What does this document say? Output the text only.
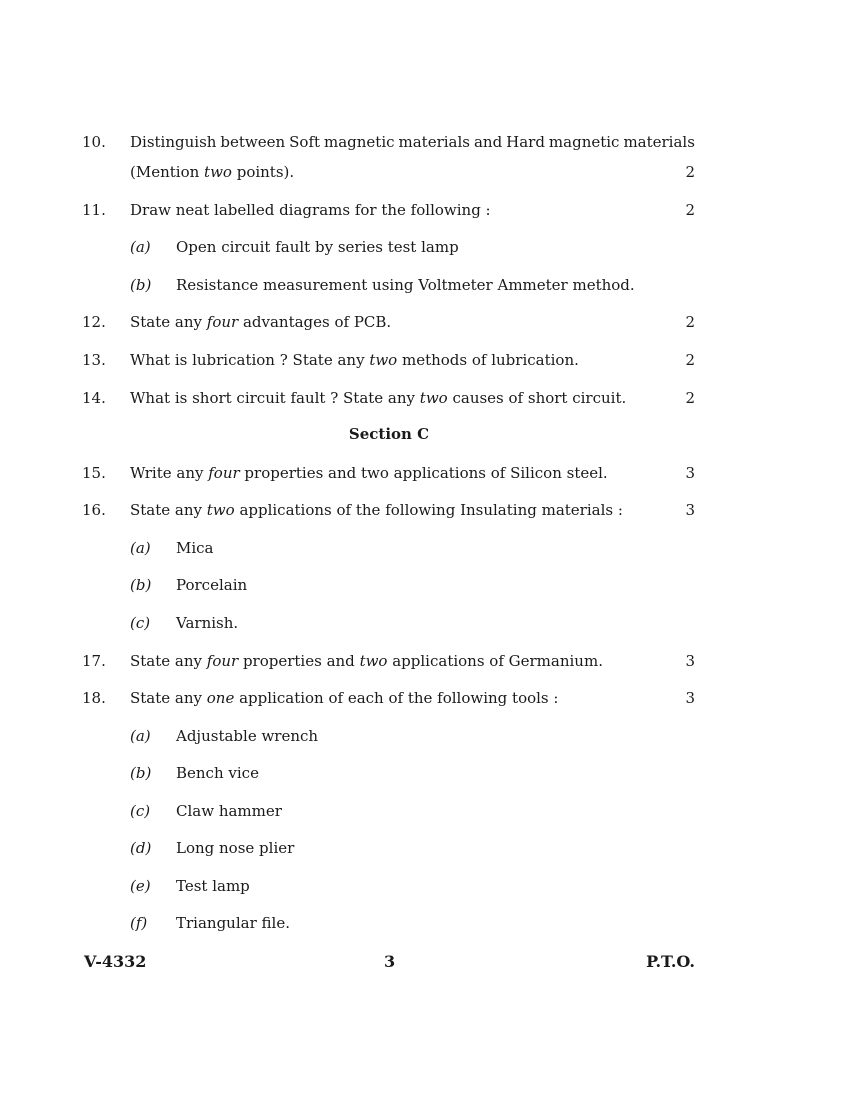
10. Distinguish between Soft magnetic materials and Hard magnetic materials
(Mention two points).	2
11. Draw neat labelled diagrams for the following :	2
(a) Open circuit fault by series test lamp
(b) Resistance measurement using Voltmeter Ammeter method.
12. State any four advantages of PCB.	2
13. What is lubrication ? State any two methods of lubrication.	2
14. What is short circuit fault ? State any two causes of short circuit.	2
Section C
15. Write any four properties and two applications of Silicon steel.	3
16. State any two applications of the following Insulating materials :	3
(a) Mica
(b) Porcelain
(c) Varnish.
17. State any four properties and two applications of Germanium.	3
18. State any one application of each of the following tools :	3
(a) Adjustable wrench
(b) Bench vice
(c) Claw hammer
(d) Long nose plier
(e) Test lamp
(f) Triangular file.
V-4332	3	P.T.O.
